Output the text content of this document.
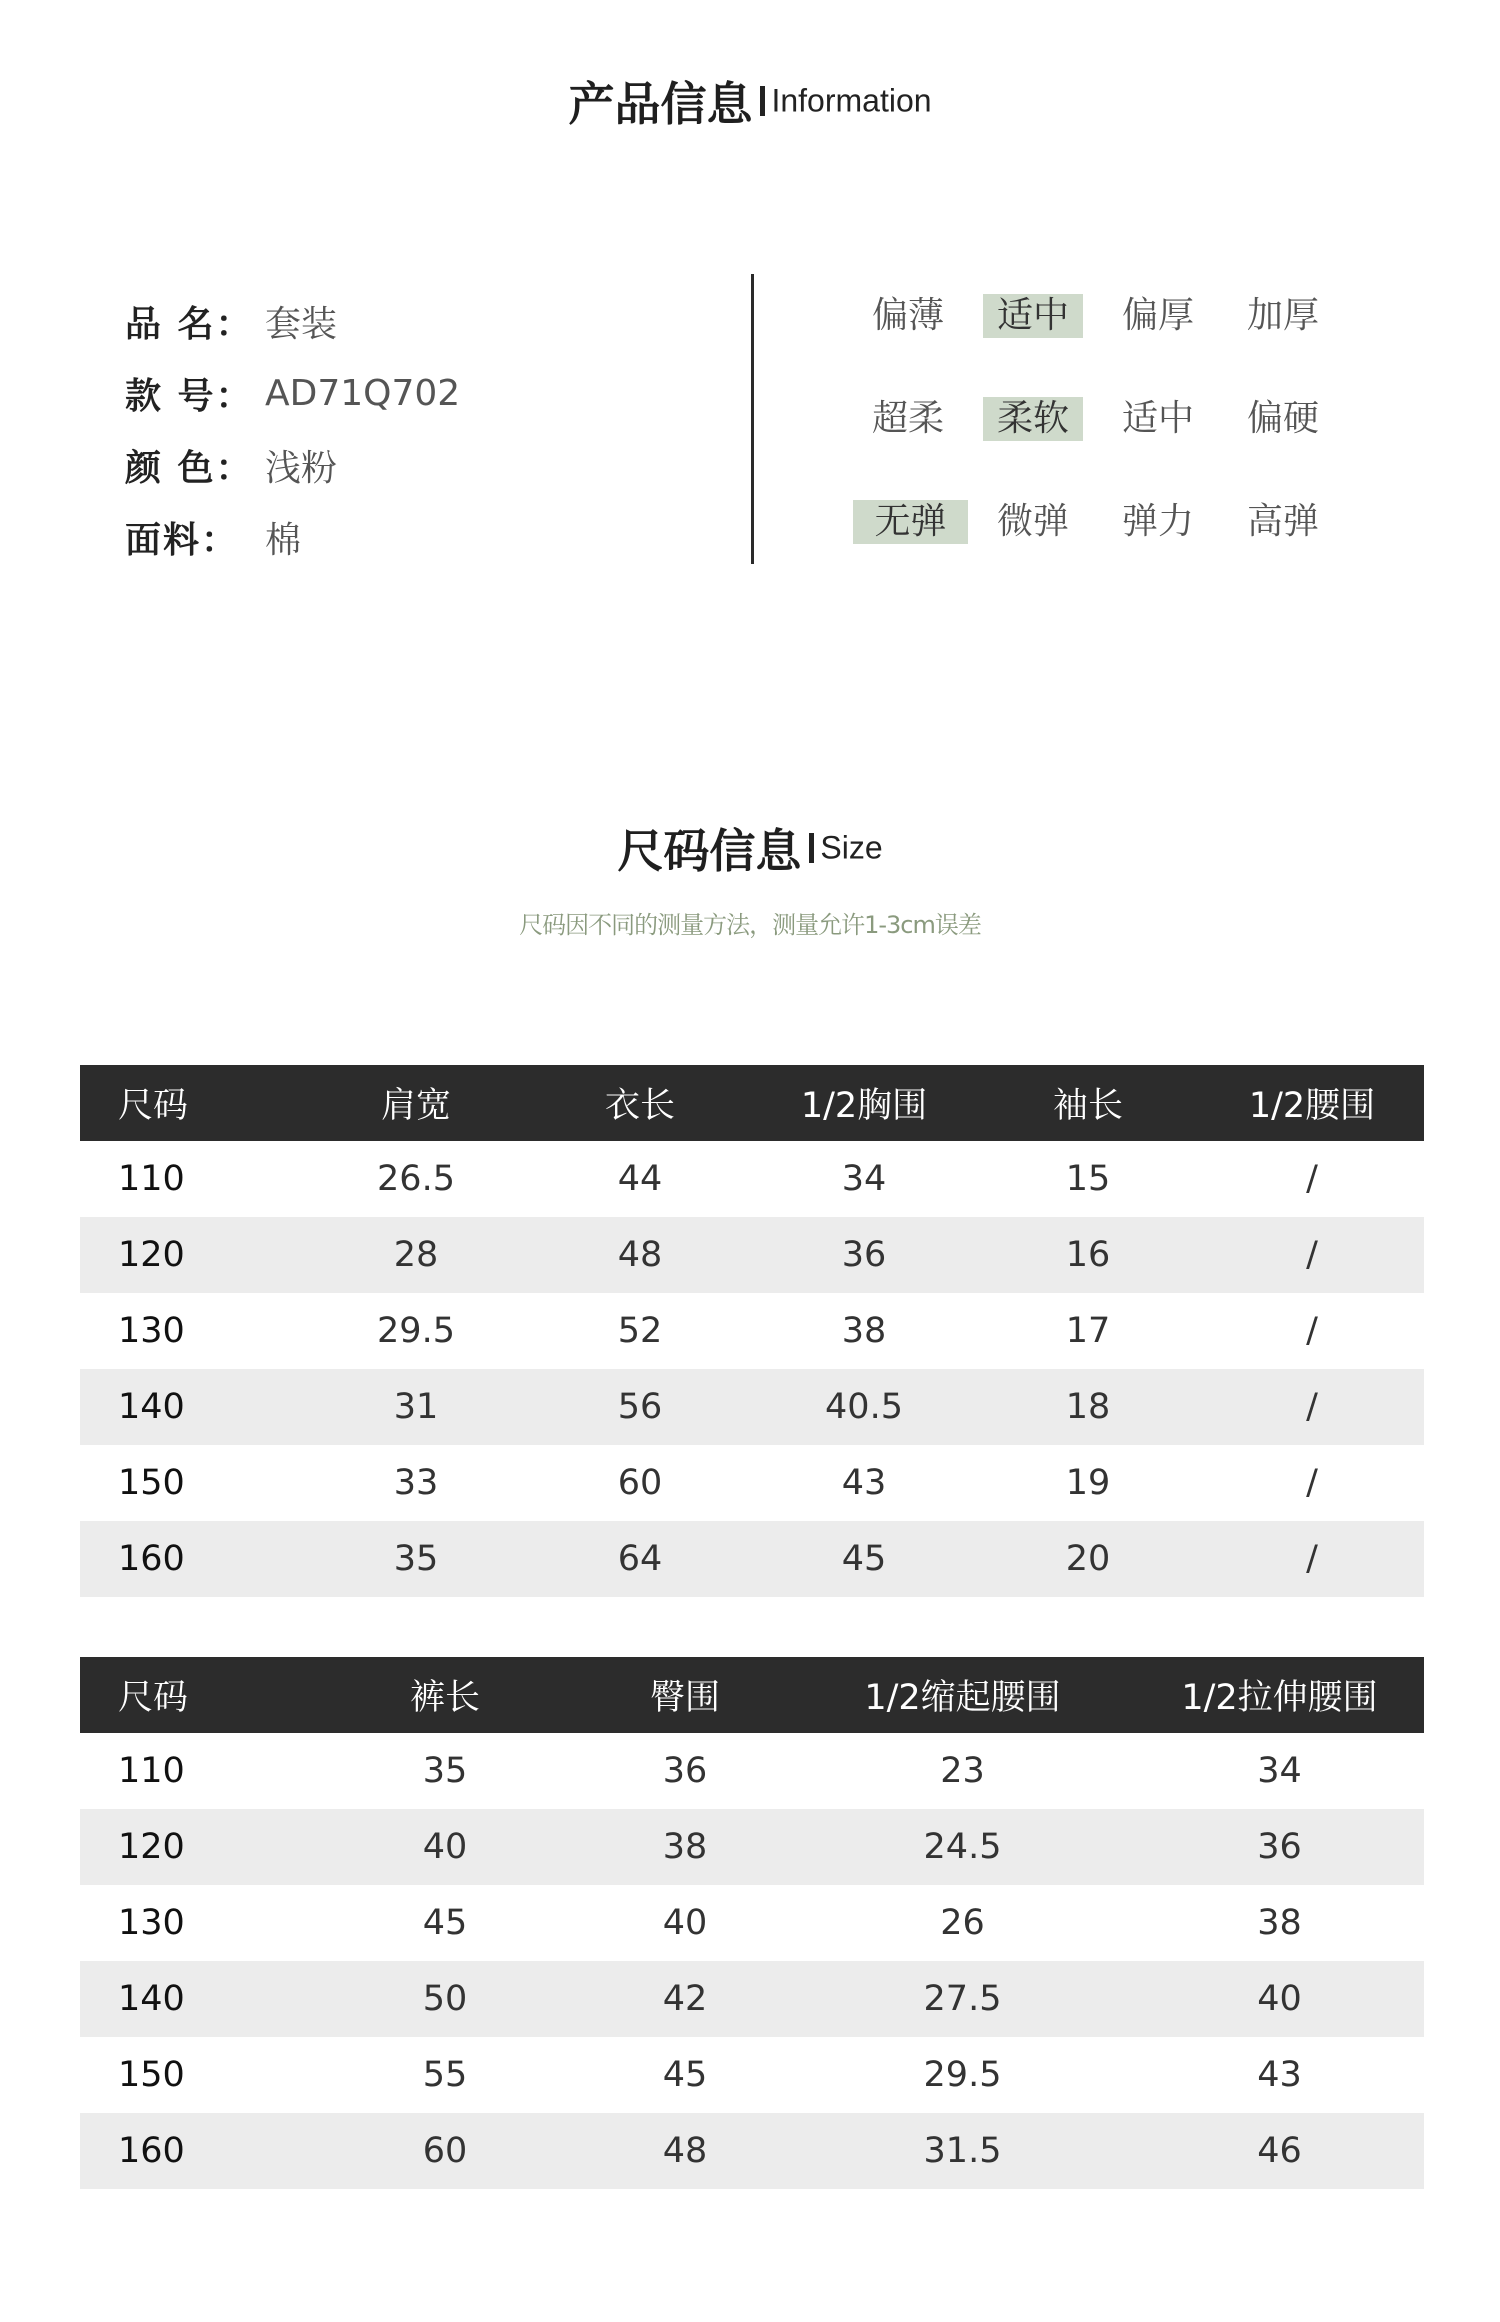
产品信息 Information
品 名： 套装
款 号： AD71Q702
颜 色： 浅粉
面料： 棉
偏薄	适中	偏厚	加厚
超柔	柔软	适中	偏硬
无弹	微弹	弹力	高弹
尺码信息 Size
尺码因不同的测量方法，测量允许1-3cm误差
尺码	肩宽	衣长	1/2胸围	袖长	1/2腰围
110	26.5	44	34	15	/
120	28	48	36	16	/
130	29.5	52	38	17	/
140	31	56	40.5	18	/
150	33	60	43	19	/
160	35	64	45	20	/
尺码	裤长	臀围	1/2缩起腰围	1/2拉伸腰围
110	35	36	23	34
120	40	38	24.5	36
130	45	40	26	38
140	50	42	27.5	40
150	55	45	29.5	43
160	60	48	31.5	46
